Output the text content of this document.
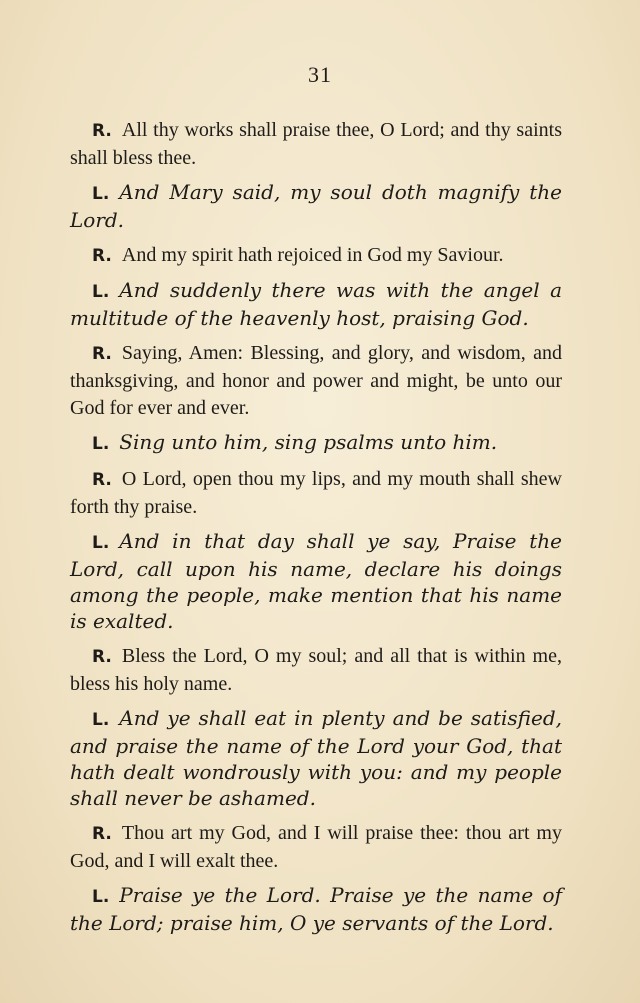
31

R. All thy works shall praise thee, O Lord; and thy saints shall bless thee.

L. And Mary said, my soul doth magnify the Lord.

R. And my spirit hath rejoiced in God my Saviour.

L. And suddenly there was with the angel a multitude of the heavenly host, praising God.

R. Saying, Amen: Blessing, and glory, and wisdom, and thanksgiving, and honor and power and might, be unto our God for ever and ever.

L. Sing unto him, sing psalms unto him.

R. O Lord, open thou my lips, and my mouth shall shew forth thy praise.

L. And in that day shall ye say, Praise the Lord, call upon his name, declare his doings among the people, make mention that his name is exalted.

R. Bless the Lord, O my soul; and all that is within me, bless his holy name.

L. And ye shall eat in plenty and be satisfied, and praise the name of the Lord your God, that hath dealt wondrously with you: and my people shall never be ashamed.

R. Thou art my God, and I will praise thee: thou art my God, and I will exalt thee.

L. Praise ye the Lord. Praise ye the name of the Lord; praise him, O ye servants of the Lord.
